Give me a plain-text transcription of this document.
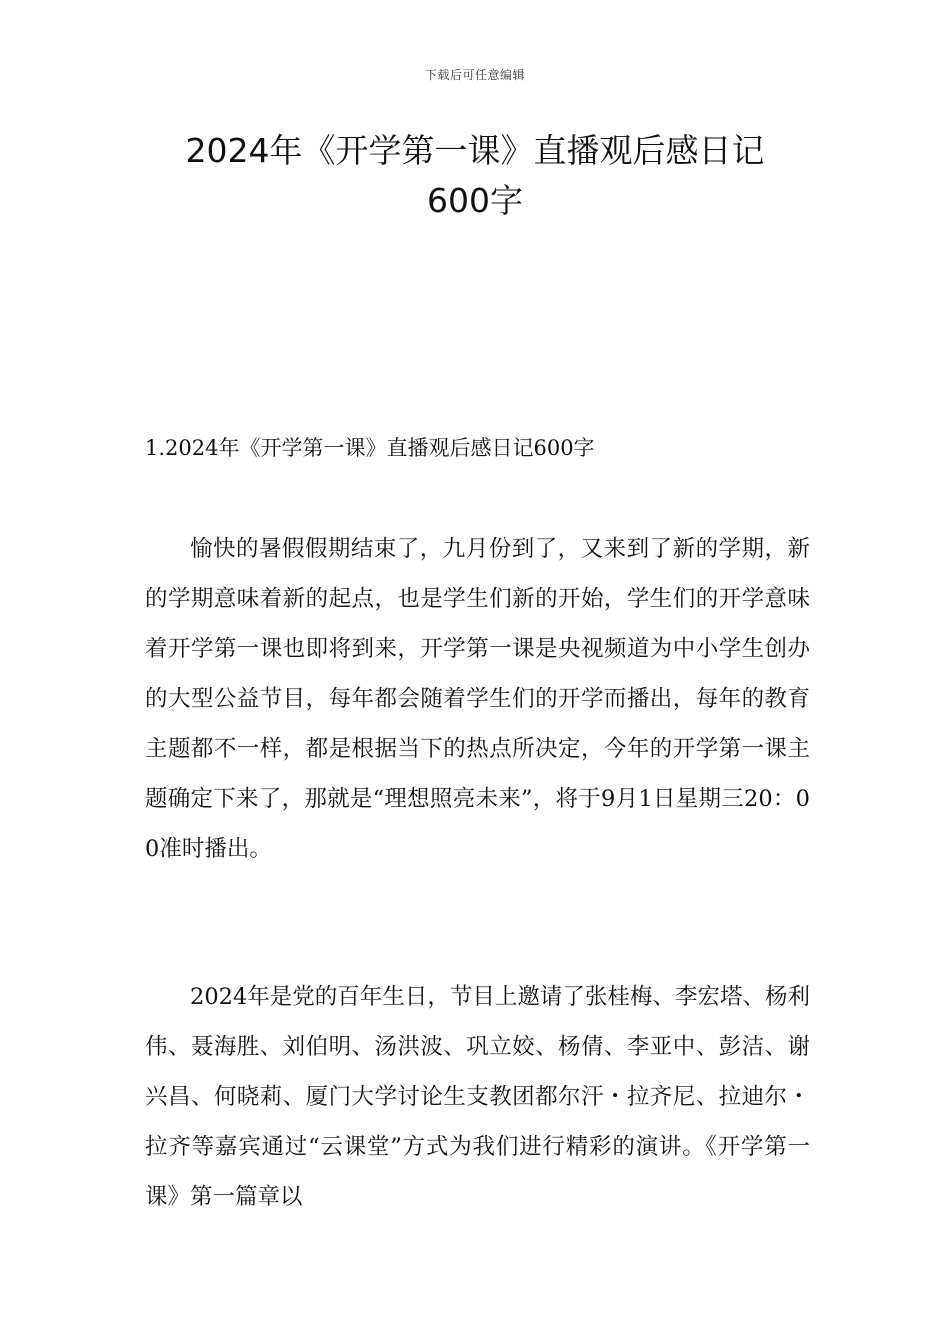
下载后可任意编辑
2024年《开学第一课》直播观后感日记
600字
1.2024年《开学第一课》直播观后感日记600字

愉快的暑假假期结束了，九月份到了，又来到了新的学期，新的学期意味着新的起点，也是学生们新的开始，学生们的开学意味着开学第一课也即将到来，开学第一课是央视频道为中小学生创办的大型公益节目，每年都会随着学生们的开学而播出，每年的教育主题都不一样，都是根据当下的热点所决定，今年的开学第一课主题确定下来了，那就是“理想照亮未来”，将于9月1日星期三20：00准时播出。

2024年是党的百年生日，节目上邀请了张桂梅、李宏塔、杨利伟、聂海胜、刘伯明、汤洪波、巩立姣、杨倩、李亚中、彭洁、谢兴昌、何晓莉、厦门大学讨论生支教团都尔汗・拉齐尼、拉迪尔・拉齐等嘉宾通过“云课堂”方式为我们进行精彩的演讲。《开学第一课》第一篇章以
